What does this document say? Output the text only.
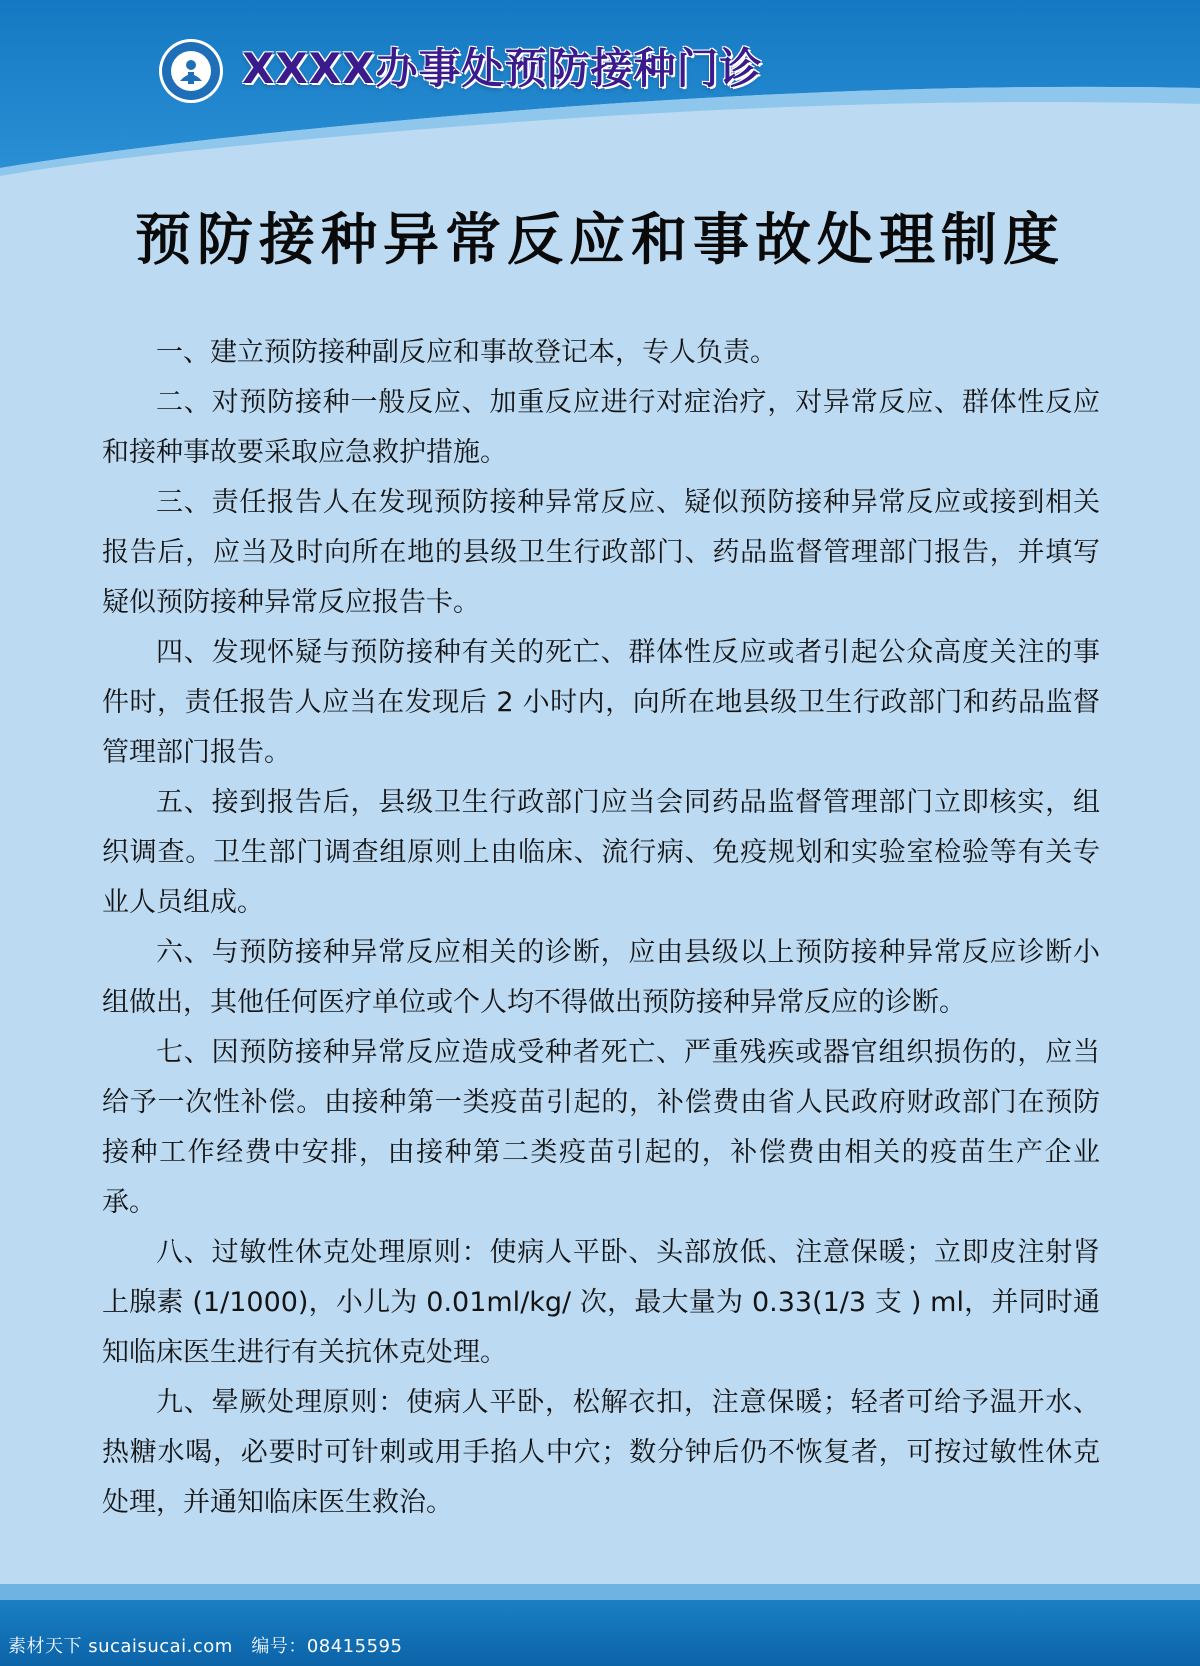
XXXX办事处预防接种门诊
预防接种异常反应和事故处理制度

一、建立预防接种副反应和事故登记本，专人负责。

二、对预防接种一般反应、加重反应进行对症治疗，对异常反应、群体性反应和接种事故要采取应急救护措施。

三、责任报告人在发现预防接种异常反应、疑似预防接种异常反应或接到相关报告后，应当及时向所在地的县级卫生行政部门、药品监督管理部门报告，并填写疑似预防接种异常反应报告卡。

四、发现怀疑与预防接种有关的死亡、群体性反应或者引起公众高度关注的事件时，责任报告人应当在发现后 2 小时内，向所在地县级卫生行政部门和药品监督管理部门报告。

五、接到报告后，县级卫生行政部门应当会同药品监督管理部门立即核实，组织调查。卫生部门调查组原则上由临床、流行病、免疫规划和实验室检验等有关专业人员组成。

六、与预防接种异常反应相关的诊断，应由县级以上预防接种异常反应诊断小组做出，其他任何医疗单位或个人均不得做出预防接种异常反应的诊断。

七、因预防接种异常反应造成受种者死亡、严重残疾或器官组织损伤的，应当给予一次性补偿。由接种第一类疫苗引起的，补偿费由省人民政府财政部门在预防接种工作经费中安排，由接种第二类疫苗引起的，补偿费由相关的疫苗生产企业承。

八、过敏性休克处理原则：使病人平卧、头部放低、注意保暖；立即皮注射肾上腺素 (1/1000)，小儿为 0.01ml/kg/ 次，最大量为 0.33(1/3 支 ) ml，并同时通知临床医生进行有关抗休克处理。

九、晕厥处理原则：使病人平卧，松解衣扣，注意保暖；轻者可给予温开水、热糖水喝，必要时可针刺或用手掐人中穴；数分钟后仍不恢复者，可按过敏性休克处理，并通知临床医生救治。

素材天下 sucaisucai.com　编号：08415595
